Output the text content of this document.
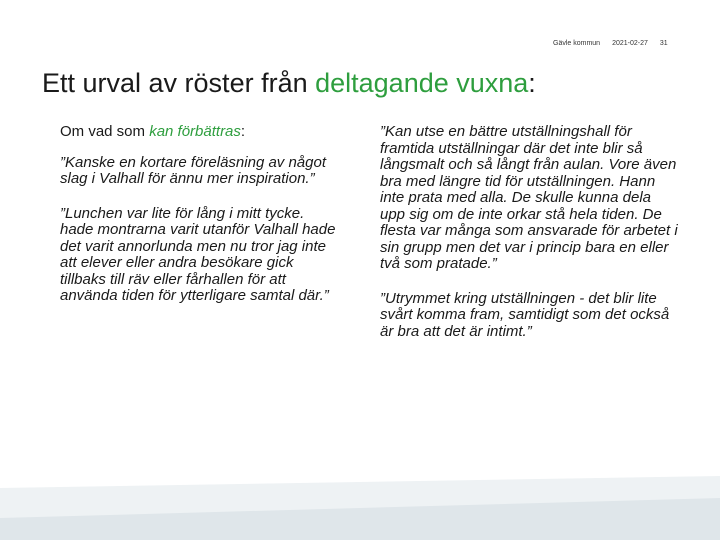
Gävle kommun 2021-02-27 31
Ett urval av röster från deltagande vuxna:

Om vad som kan förbättras:

”Kanske en kortare föreläsning av något slag i Valhall för ännu mer inspiration.”

”Lunchen var lite för lång i mitt tycke. hade montrarna varit utanför Valhall hade det varit annorlunda men nu tror jag inte att elever eller andra besökare gick tillbaks till räv eller fårhallen för att använda tiden för ytterligare samtal där.”

”Kan utse en bättre utställningshall för framtida utställningar där det inte blir så långsmalt och så långt från aulan. Vore även bra med längre tid för utställningen. Hann inte prata med alla. De skulle kunna dela upp sig om de inte orkar stå hela tiden. De flesta var många som ansvarade för arbetet i sin grupp men det var i princip bara en eller två som pratade.”

”Utrymmet kring utställningen - det blir lite svårt komma fram, samtidigt som det också är bra att det är intimt.”
